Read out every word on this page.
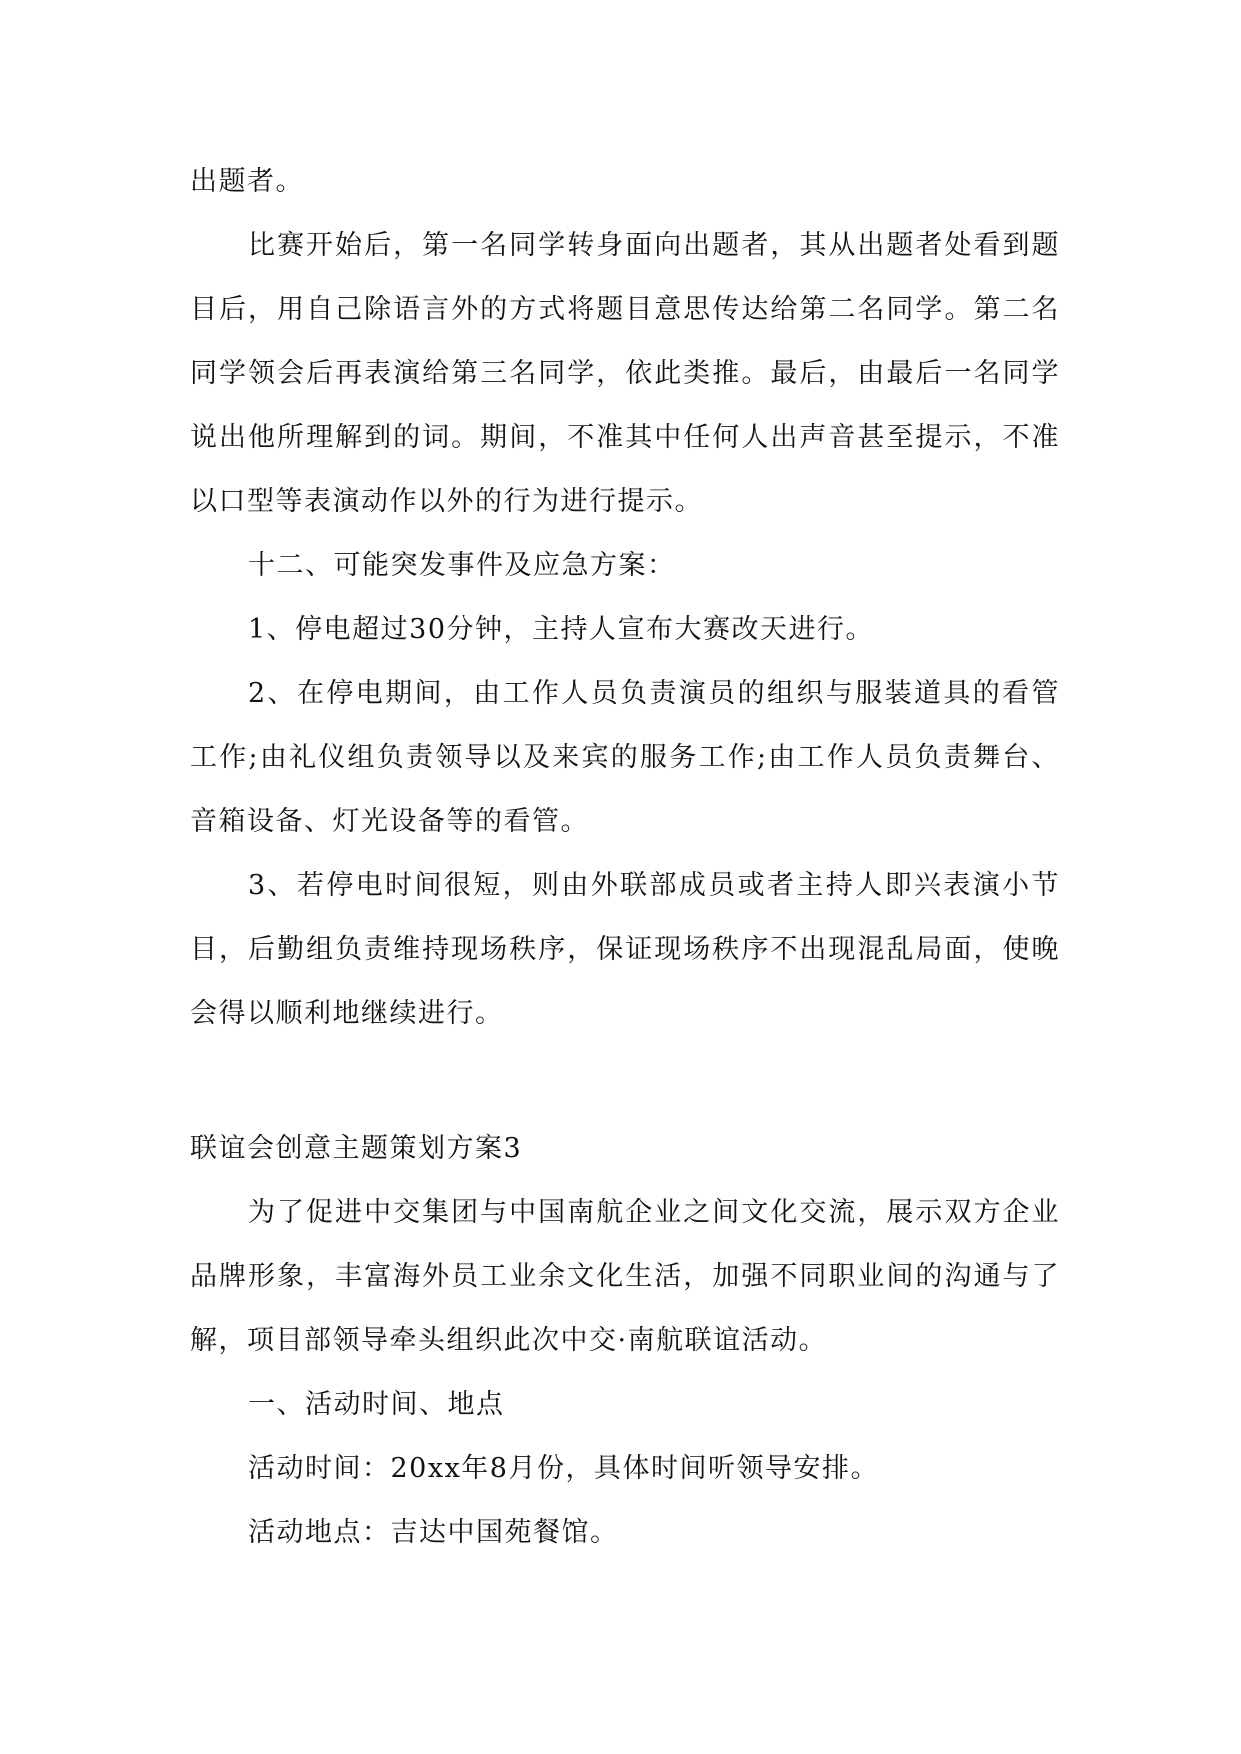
出题者。

比赛开始后，第一名同学转身面向出题者，其从出题者处看到题目后，用自己除语言外的方式将题目意思传达给第二名同学。第二名同学领会后再表演给第三名同学，依此类推。最后，由最后一名同学说出他所理解到的词。期间，不准其中任何人出声音甚至提示，不准以口型等表演动作以外的行为进行提示。

十二、可能突发事件及应急方案：

1、停电超过30分钟，主持人宣布大赛改天进行。

2、在停电期间，由工作人员负责演员的组织与服装道具的看管工作;由礼仪组负责领导以及来宾的服务工作;由工作人员负责舞台、音箱设备、灯光设备等的看管。

3、若停电时间很短，则由外联部成员或者主持人即兴表演小节目，后勤组负责维持现场秩序，保证现场秩序不出现混乱局面，使晚会得以顺利地继续进行。

联谊会创意主题策划方案3

为了促进中交集团与中国南航企业之间文化交流，展示双方企业品牌形象，丰富海外员工业余文化生活，加强不同职业间的沟通与了解，项目部领导牵头组织此次中交·南航联谊活动。

一、活动时间、地点

活动时间：20xx年8月份，具体时间听领导安排。

活动地点：吉达中国苑餐馆。
